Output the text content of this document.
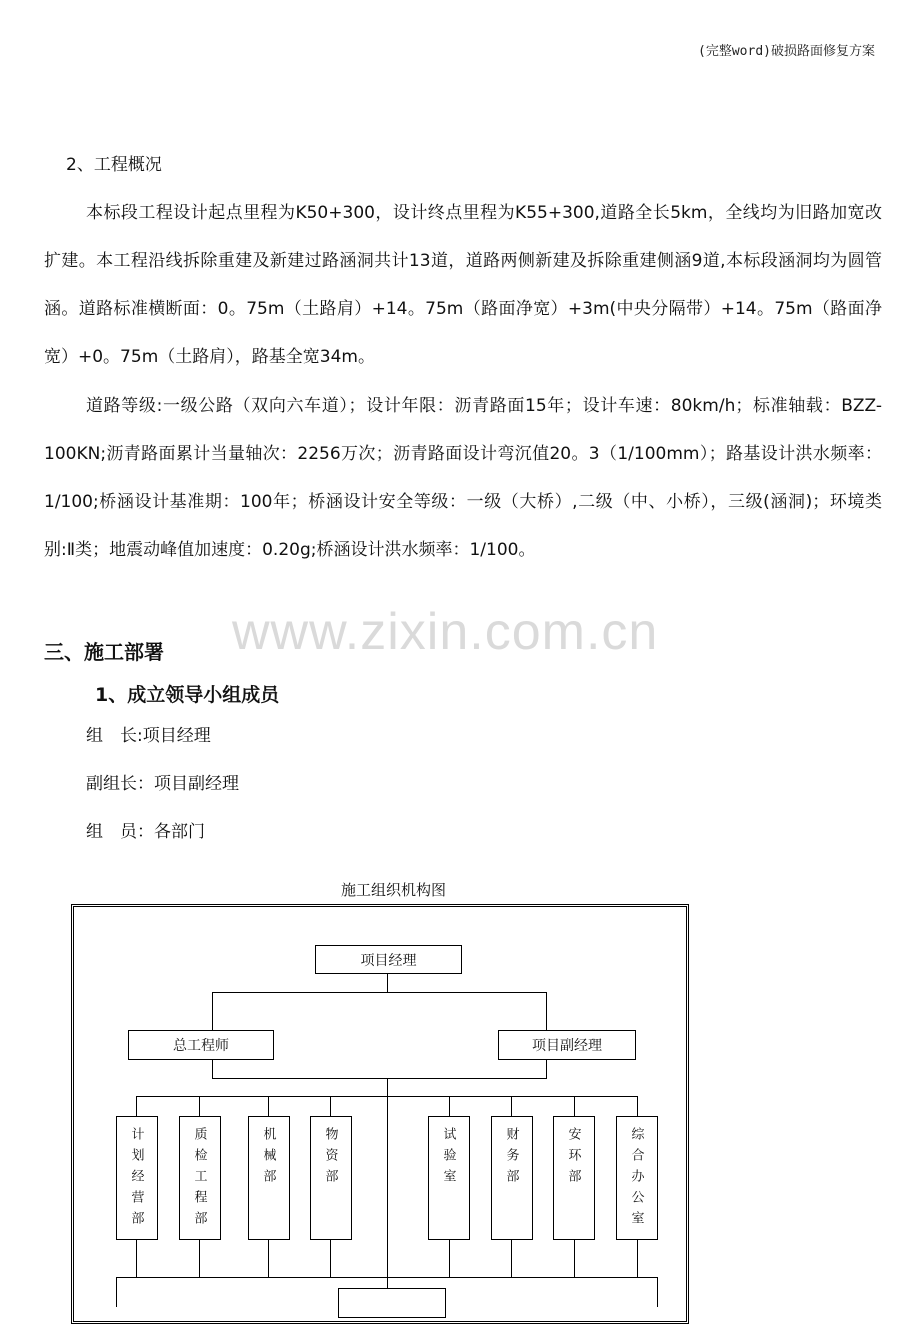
(完整word)破损路面修复方案

2、工程概况

本标段工程设计起点里程为K50+300，设计终点里程为K55+300,道路全长5km，全线均为旧路加宽改扩建。本工程沿线拆除重建及新建过路涵洞共计13道，道路两侧新建及拆除重建侧涵9道,本标段涵洞均为圆管涵。道路标准横断面：0。75m（土路肩）+14。75m（路面净宽）+3m(中央分隔带）+14。75m（路面净宽）+0。75m（土路肩），路基全宽34m。

道路等级:一级公路（双向六车道）；设计年限：沥青路面15年；设计车速：80km/h；标准轴载：BZZ-100KN;沥青路面累计当量轴次：2256万次；沥青路面设计弯沉值20。3（1/100mm）；路基设计洪水频率：1/100;桥涵设计基准期：100年；桥涵设计安全等级：一级（大桥）,二级（中、小桥），三级(涵洞)；环境类别:Ⅱ类；地震动峰值加速度：0.20g;桥涵设计洪水频率：1/100。

www.zixin.com.cn

三、施工部署

1、成立领导小组成员

组　长:项目经理

副组长：项目副经理

组　员：各部门

施工组织机构图
项目经理
总工程师	项目副经理
计划经营部	质检工程部	机械部	物资部	试验室	财务部	安环部	综合办公室
